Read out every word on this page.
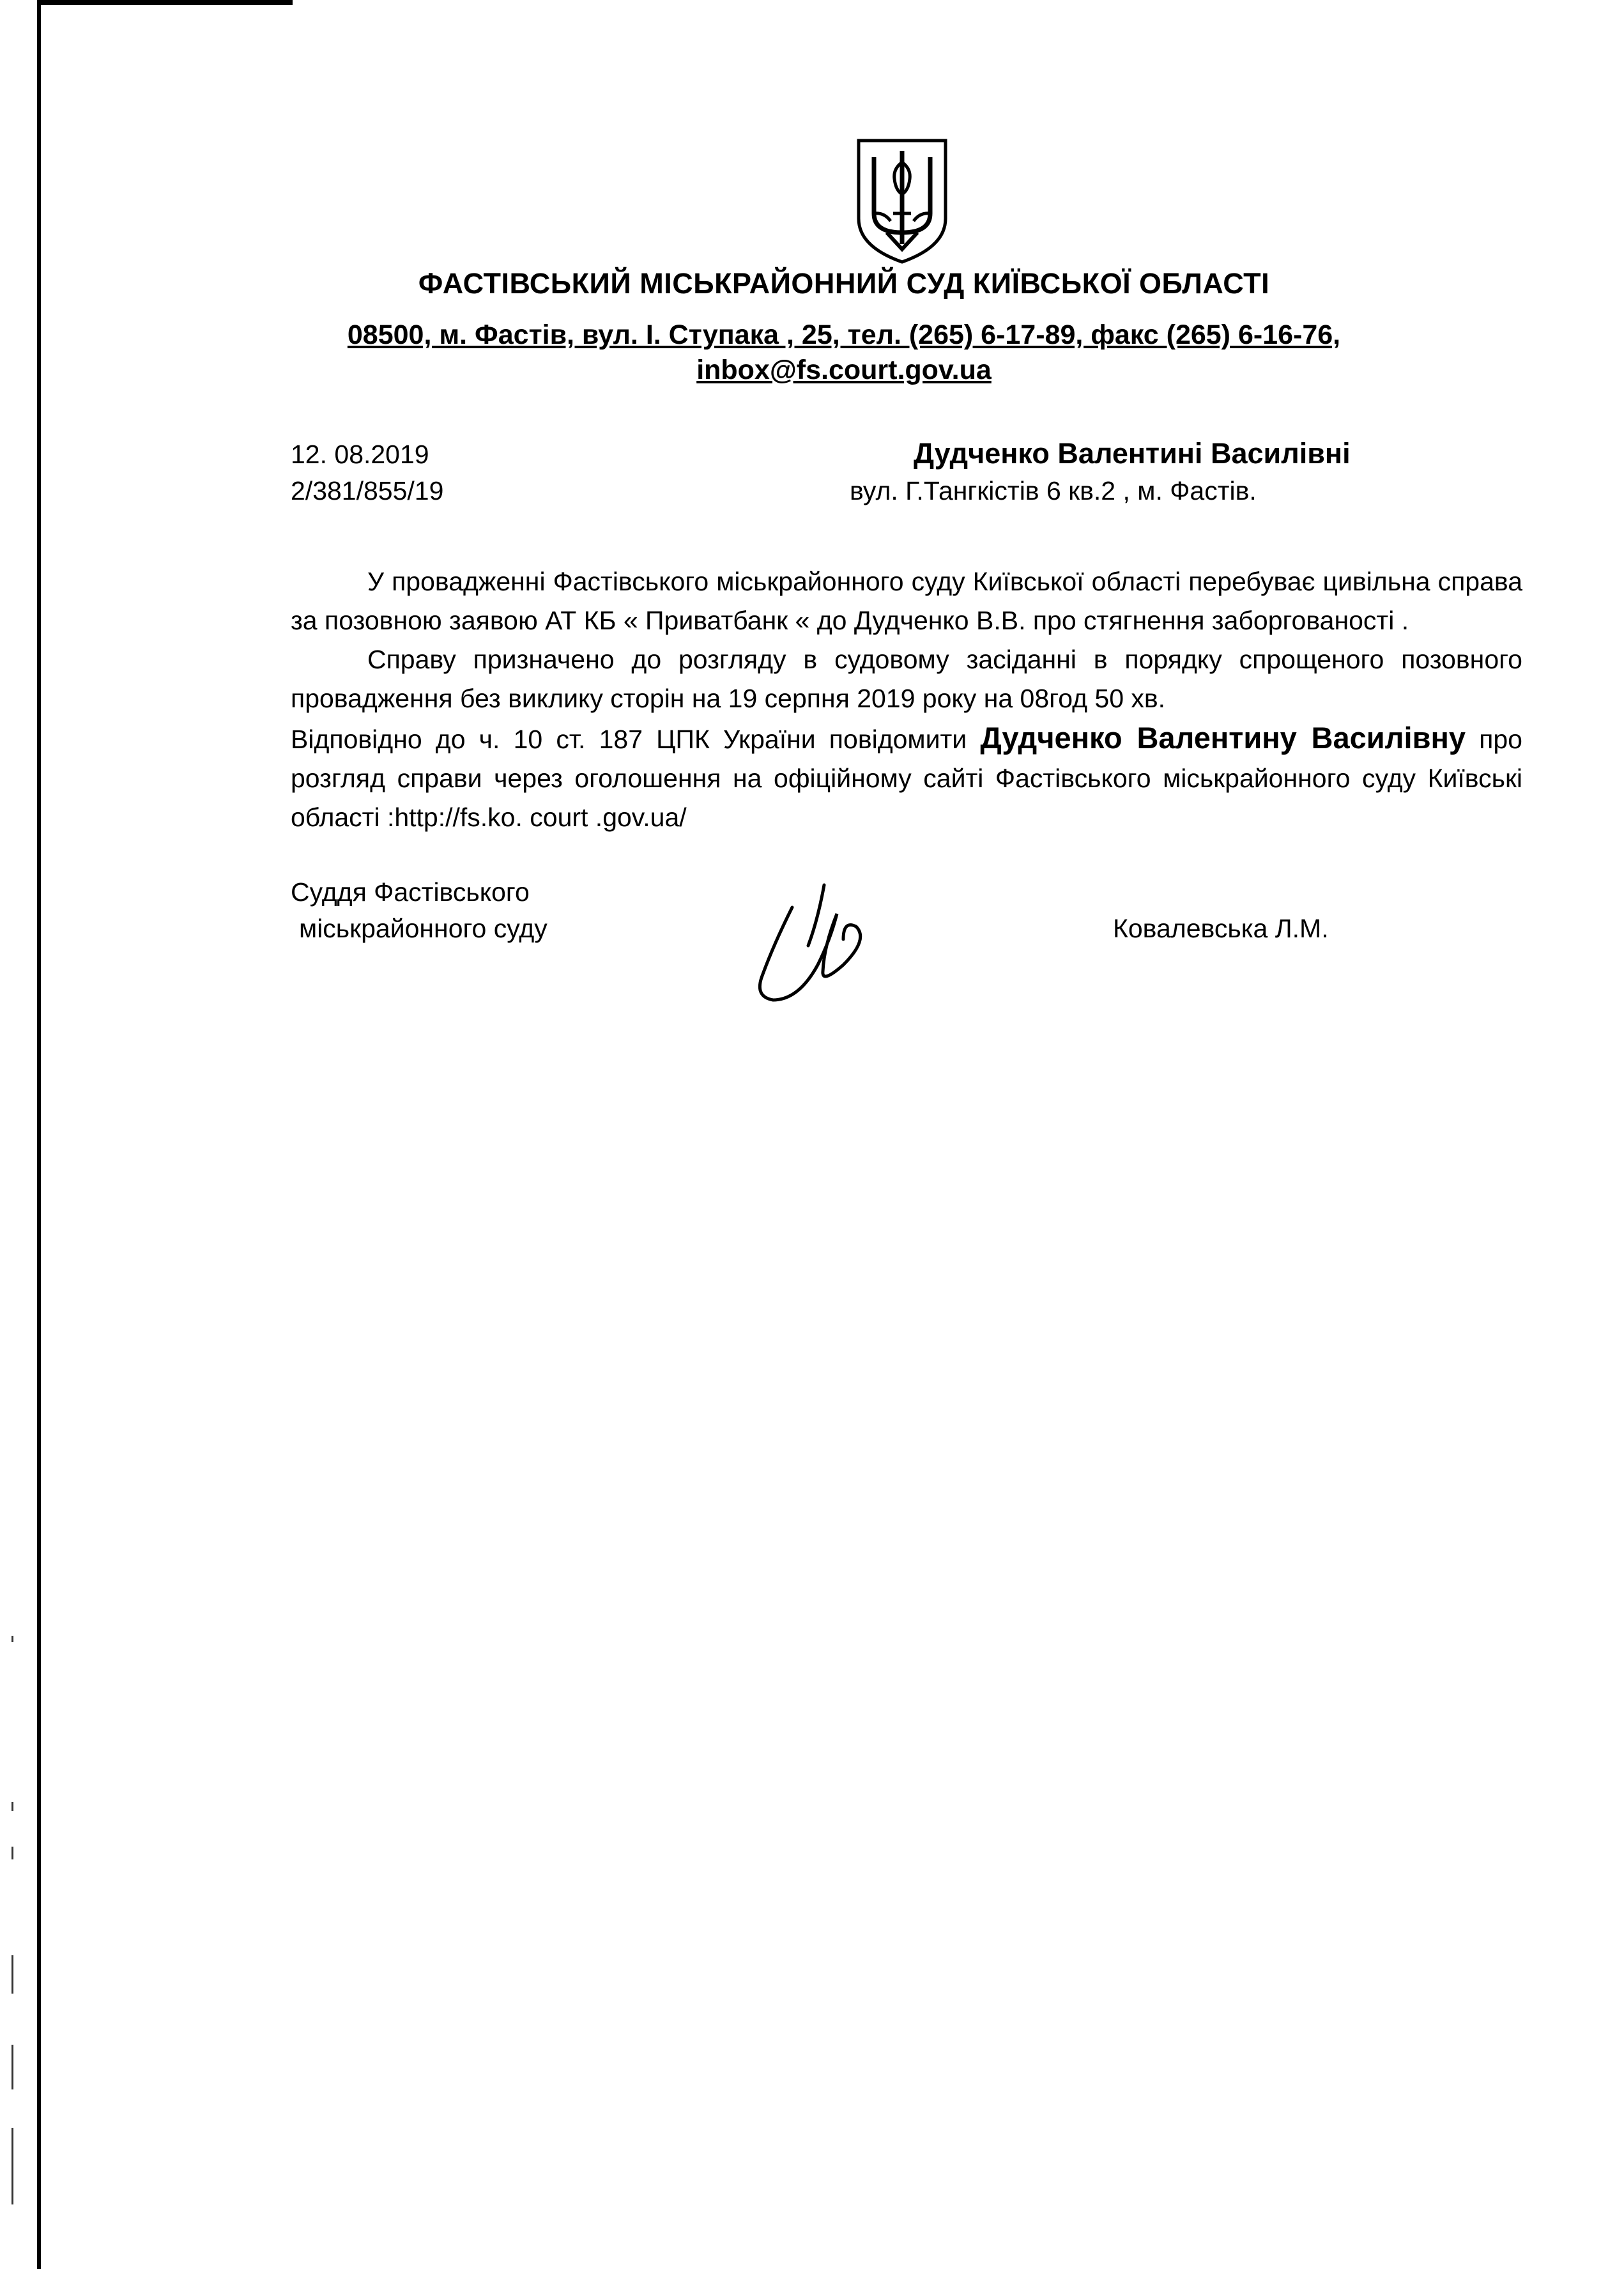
ФАСТІВСЬКИЙ МІСЬКРАЙОННИЙ СУД КИЇВСЬКОЇ ОБЛАСТІ
08500, м. Фастів, вул. І. Ступака , 25, тел. (265) 6-17-89, факс (265) 6-16-76,
inbox@fs.court.gov.ua
12. 08.2019
2/381/855/19
Дудченко Валентині Василівні
вул. Г.Тангкістів 6 кв.2 , м. Фастів.

У провадженні Фастівського міськрайонного суду Київської області перебуває цивільна справа за позовною заявою АТ КБ « Приватбанк « до Дудченко В.В. про стягнення заборгованості .

Справу призначено до розгляду в судовому засіданні в порядку спрощеного позовного провадження без виклику сторін на 19 серпня 2019 року на 08год 50 хв.

Відповідно до ч. 10 ст. 187 ЦПК України повідомити Дудченко Валентину Василівну про розгляд справи через оголошення на офіційному сайті Фастівського міськрайонного суду Київські області :http://fs.ko. court .gov.ua/

Суддя Фастівського
міськрайонного суду	Ковалевська Л.М.
